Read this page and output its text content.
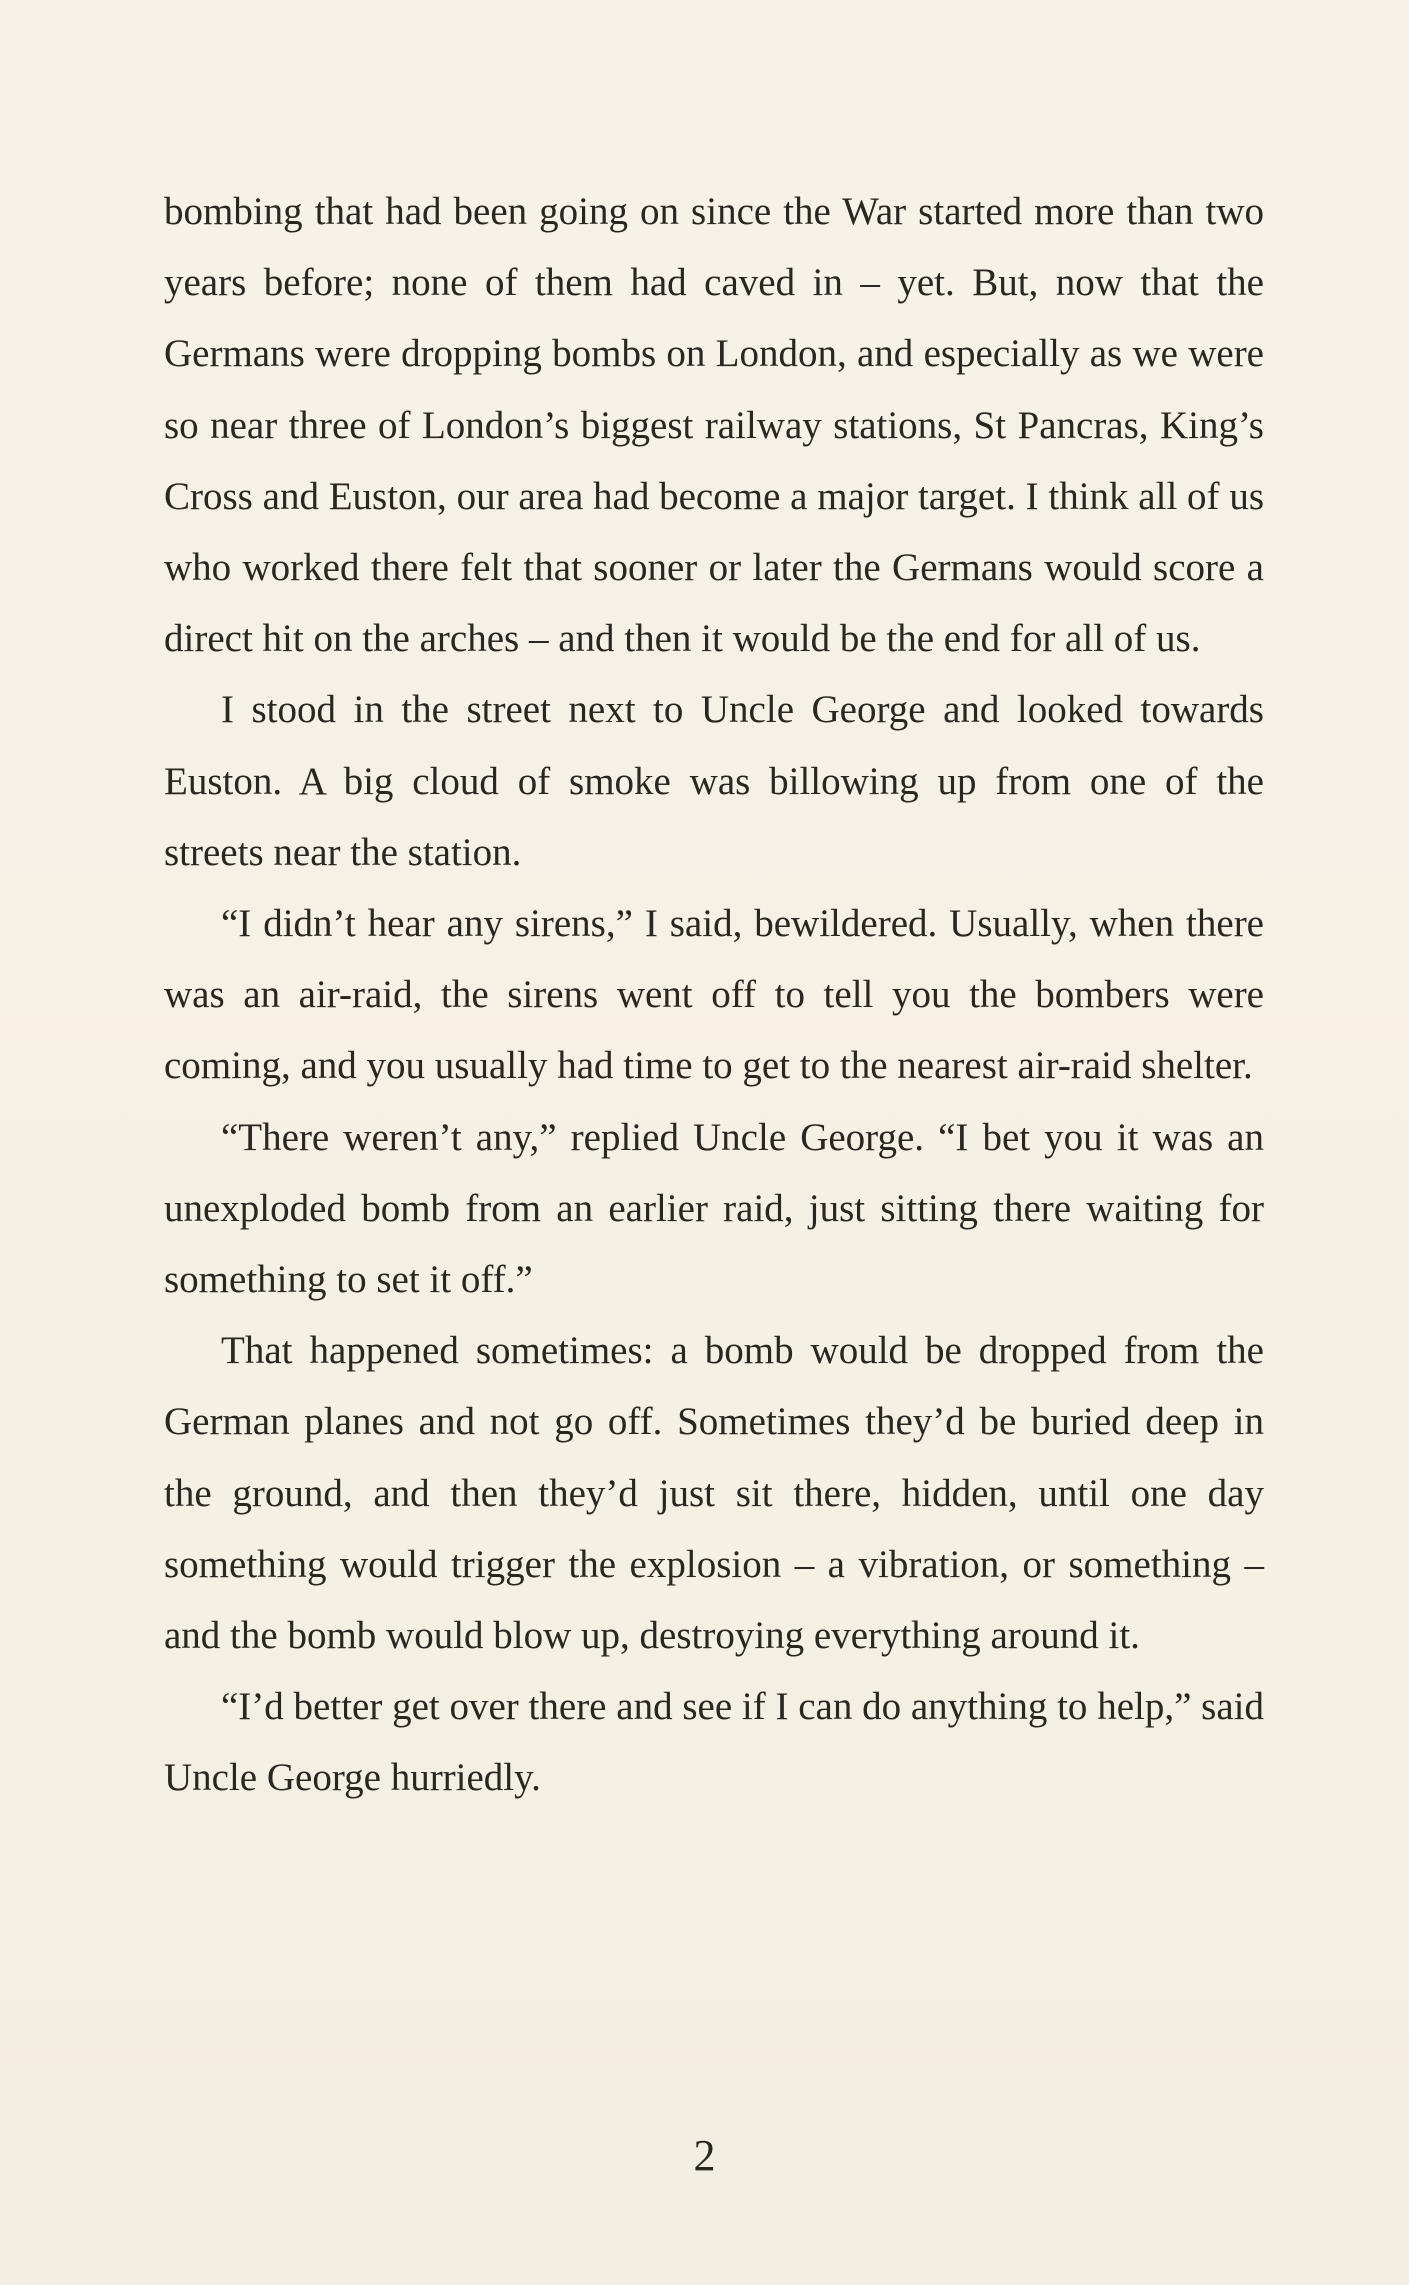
bombing that had been going on since the War started more than two years before; none of them had caved in – yet. But, now that the Germans were dropping bombs on London, and especially as we were so near three of London’s biggest railway stations, St Pancras, King’s Cross and Euston, our area had become a major target. I think all of us who worked there felt that sooner or later the Germans would score a direct hit on the arches – and then it would be the end for all of us.

I stood in the street next to Uncle George and looked towards Euston. A big cloud of smoke was billowing up from one of the streets near the station.

“I didn’t hear any sirens,” I said, bewildered. Usually, when there was an air-raid, the sirens went off to tell you the bombers were coming, and you usually had time to get to the nearest air-raid shelter.

“There weren’t any,” replied Uncle George. “I bet you it was an unexploded bomb from an earlier raid, just sitting there waiting for something to set it off.”

That happened sometimes: a bomb would be dropped from the German planes and not go off. Sometimes they’d be buried deep in the ground, and then they’d just sit there, hidden, until one day something would trigger the explosion – a vibration, or something – and the bomb would blow up, destroying everything around it.

“I’d better get over there and see if I can do anything to help,” said Uncle George hurriedly.

2
